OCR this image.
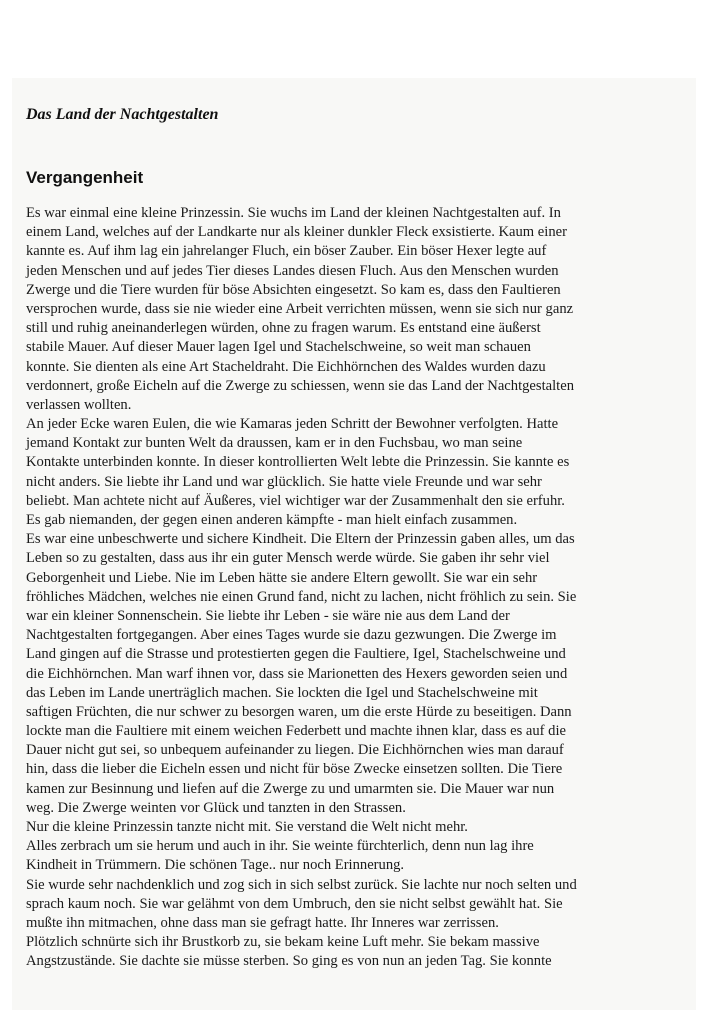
Das Land der Nachtgestalten
Vergangenheit
Es war einmal eine kleine Prinzessin. Sie wuchs im Land der kleinen Nachtgestalten auf. In
einem Land, welches auf der Landkarte nur als kleiner dunkler Fleck exsistierte. Kaum einer
kannte es. Auf ihm lag ein jahrelanger Fluch, ein böser Zauber. Ein böser Hexer legte auf
jeden Menschen und auf jedes Tier dieses Landes diesen Fluch. Aus den Menschen wurden
Zwerge und die Tiere wurden für böse Absichten eingesetzt. So kam es, dass den Faultieren
versprochen wurde, dass sie nie wieder eine Arbeit verrichten müssen, wenn sie sich nur ganz
still und ruhig aneinanderlegen würden, ohne zu fragen warum. Es entstand eine äußerst
stabile Mauer. Auf dieser Mauer lagen Igel und Stachelschweine, so weit man schauen
konnte. Sie dienten als eine Art Stacheldraht. Die Eichhörnchen des Waldes wurden dazu
verdonnert, große Eicheln auf die Zwerge zu schiessen, wenn sie das Land der Nachtgestalten
verlassen wollten.
An jeder Ecke waren Eulen, die wie Kamaras jeden Schritt der Bewohner verfolgten. Hatte
jemand Kontakt zur bunten Welt da draussen, kam er in den Fuchsbau, wo man seine
Kontakte unterbinden konnte. In dieser kontrollierten Welt lebte die Prinzessin. Sie kannte es
nicht anders. Sie liebte ihr Land und war glücklich. Sie hatte viele Freunde und war sehr
beliebt. Man achtete nicht auf Äußeres, viel wichtiger war der Zusammenhalt den sie erfuhr.
Es gab niemanden, der gegen einen anderen kämpfte - man hielt einfach zusammen.
Es war eine unbeschwerte und sichere Kindheit. Die Eltern der Prinzessin gaben alles, um das
Leben so zu gestalten, dass aus ihr ein guter Mensch werde würde. Sie gaben ihr sehr viel
Geborgenheit und Liebe. Nie im Leben hätte sie andere Eltern gewollt. Sie war ein sehr
fröhliches Mädchen, welches nie einen Grund fand, nicht zu lachen, nicht fröhlich zu sein. Sie
war ein kleiner Sonnenschein. Sie liebte ihr Leben - sie wäre nie aus dem Land der
Nachtgestalten fortgegangen. Aber eines Tages wurde sie dazu gezwungen. Die Zwerge im
Land gingen auf die Strasse und protestierten gegen die Faultiere, Igel, Stachelschweine und
die Eichhörnchen. Man warf ihnen vor, dass sie Marionetten des Hexers geworden seien und
das Leben im Lande unerträglich machen. Sie lockten die Igel und Stachelschweine mit
saftigen Früchten, die nur schwer zu besorgen waren, um die erste Hürde zu beseitigen. Dann
lockte man die Faultiere mit einem weichen Federbett und machte ihnen klar, dass es auf die
Dauer nicht gut sei, so unbequem aufeinander zu liegen. Die Eichhörnchen wies man darauf
hin, dass die lieber die Eicheln essen und nicht für böse Zwecke einsetzen sollten. Die Tiere
kamen zur Besinnung und liefen auf die Zwerge zu und umarmten sie. Die Mauer war nun
weg. Die Zwerge weinten vor Glück und tanzten in den Strassen.
Nur die kleine Prinzessin tanzte nicht mit. Sie verstand die Welt nicht mehr.
Alles zerbrach um sie herum und auch in ihr. Sie weinte fürchterlich, denn nun lag ihre
Kindheit in Trümmern. Die schönen Tage.. nur noch Erinnerung.
Sie wurde sehr nachdenklich und zog sich in sich selbst zurück. Sie lachte nur noch selten und
sprach kaum noch. Sie war gelähmt von dem Umbruch, den sie nicht selbst gewählt hat. Sie
mußte ihn mitmachen, ohne dass man sie gefragt hatte. Ihr Inneres war zerrissen.
Plötzlich schnürte sich ihr Brustkorb zu, sie bekam keine Luft mehr. Sie bekam massive
Angstzustände. Sie dachte sie müsse sterben. So ging es von nun an jeden Tag. Sie konnte
